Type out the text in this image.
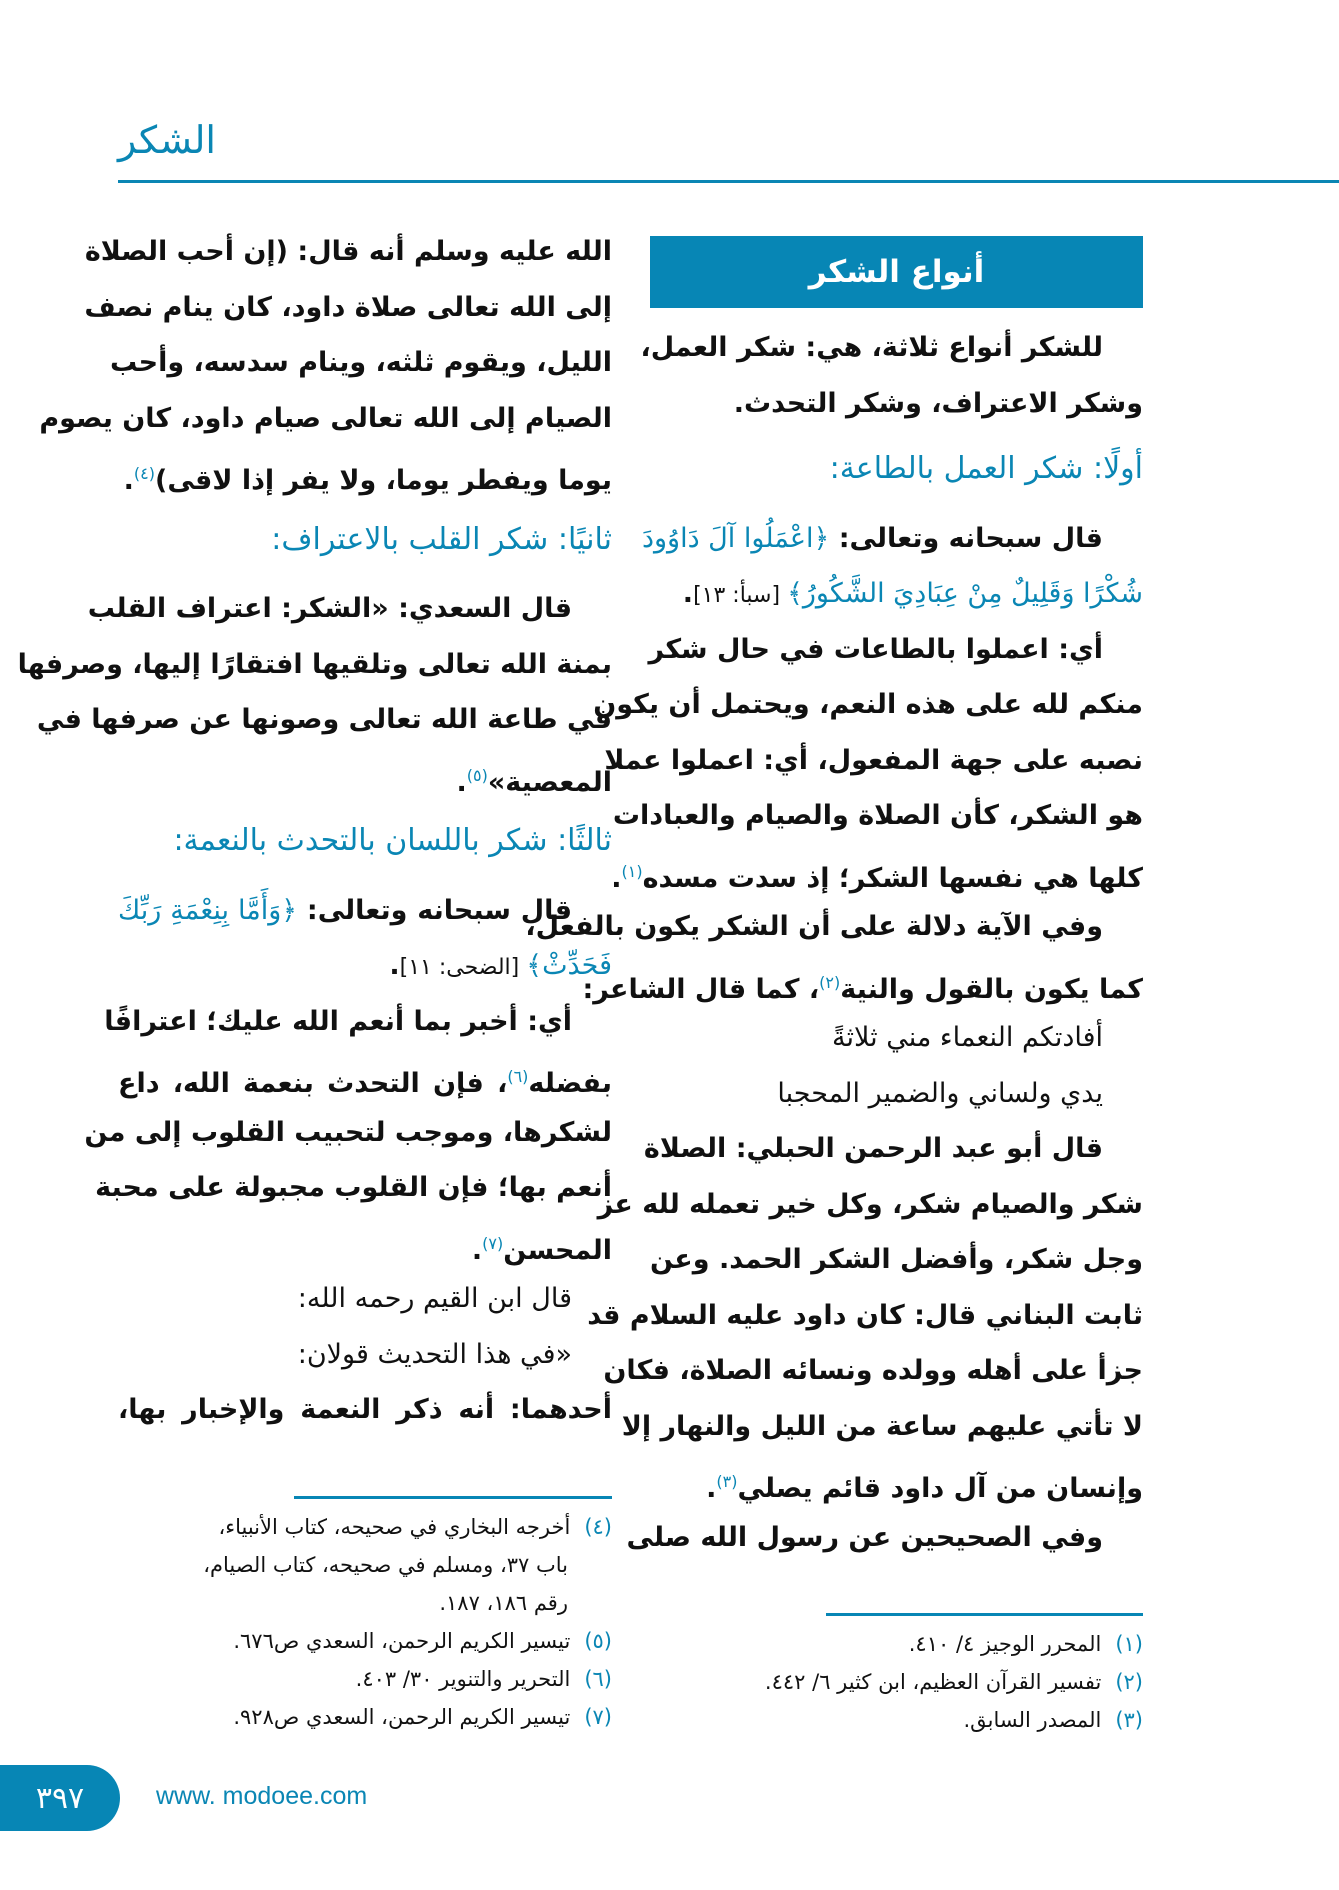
الشكر
أنواع الشكر
للشكر أنواع ثلاثة، هي: شكر العمل،
وشكر الاعتراف، وشكر التحدث.
أولًا: شكر العمل بالطاعة:
قال سبحانه وتعالى: ﴿اعْمَلُوا آلَ دَاوُودَ
شُكْرًا وَقَلِيلٌ مِنْ عِبَادِيَ الشَّكُورُ﴾ [سبأ: ١٣].
أي: اعملوا بالطاعات في حال شكر
منكم لله على هذه النعم، ويحتمل أن يكون
نصبه على جهة المفعول، أي: اعملوا عملا
هو الشكر، كأن الصلاة والصيام والعبادات
كلها هي نفسها الشكر؛ إذ سدت مسده$^{(١)}$.
وفي الآية دلالة على أن الشكر يكون بالفعل،
كما يكون بالقول والنية$^{(٢)}$، كما قال الشاعر:
أفادتكم النعماء مني ثلاثةً
يدي ولساني والضمير المحجبا
قال أبو عبد الرحمن الحبلي: الصلاة
شكر والصيام شكر، وكل خير تعمله لله عز
وجل شكر، وأفضل الشكر الحمد. وعن
ثابت البناني قال: كان داود عليه السلام قد
جزأ على أهله وولده ونسائه الصلاة، فكان
لا تأتي عليهم ساعة من الليل والنهار إلا
وإنسان من آل داود قائم يصلي$^{(٣)}$.
وفي الصحيحين عن رسول الله صلى
الله عليه وسلم أنه قال: (إن أحب الصلاة
إلى الله تعالى صلاة داود، كان ينام نصف
الليل، ويقوم ثلثه، وينام سدسه، وأحب
الصيام إلى الله تعالى صيام داود، كان يصوم
يوما ويفطر يوما، ولا يفر إذا لاقى)$^{(٤)}$.
ثانيًا: شكر القلب بالاعتراف:
قال السعدي: «الشكر: اعتراف القلب
بمنة الله تعالى وتلقيها افتقارًا إليها، وصرفها
في طاعة الله تعالى وصونها عن صرفها في
المعصية»$^{(٥)}$.
ثالثًا: شكر باللسان بالتحدث بالنعمة:
قال سبحانه وتعالى: ﴿وَأَمَّا بِنِعْمَةِ رَبِّكَ
فَحَدِّثْ﴾ [الضحى: ١١].
أي: أخبر بما أنعم الله عليك؛ اعترافًا
بفضله$^{(٦)}$، فإن التحدث بنعمة الله، داع
لشكرها، وموجب لتحبيب القلوب إلى من
أنعم بها؛ فإن القلوب مجبولة على محبة
المحسن$^{(٧)}$.
قال ابن القيم رحمه الله:
«في هذا التحديث قولان:
أحدهما: أنه ذكر النعمة والإخبار بها،
(١)المحرر الوجيز ٤/ ٤١٠.
(٢)تفسير القرآن العظيم، ابن كثير ٦/ ٤٤٢.
(٣)المصدر السابق.
(٤)أخرجه البخاري في صحيحه، كتاب الأنبياء،
باب ٣٧، ومسلم في صحيحه، كتاب الصيام،
رقم ١٨٦، ١٨٧.
(٥)تيسير الكريم الرحمن، السعدي ص٦٧٦.
(٦)التحرير والتنوير ٣٠/ ٤٠٣.
(٧)تيسير الكريم الرحمن، السعدي ص٩٢٨.
٣٩٧	www. modoee.com
